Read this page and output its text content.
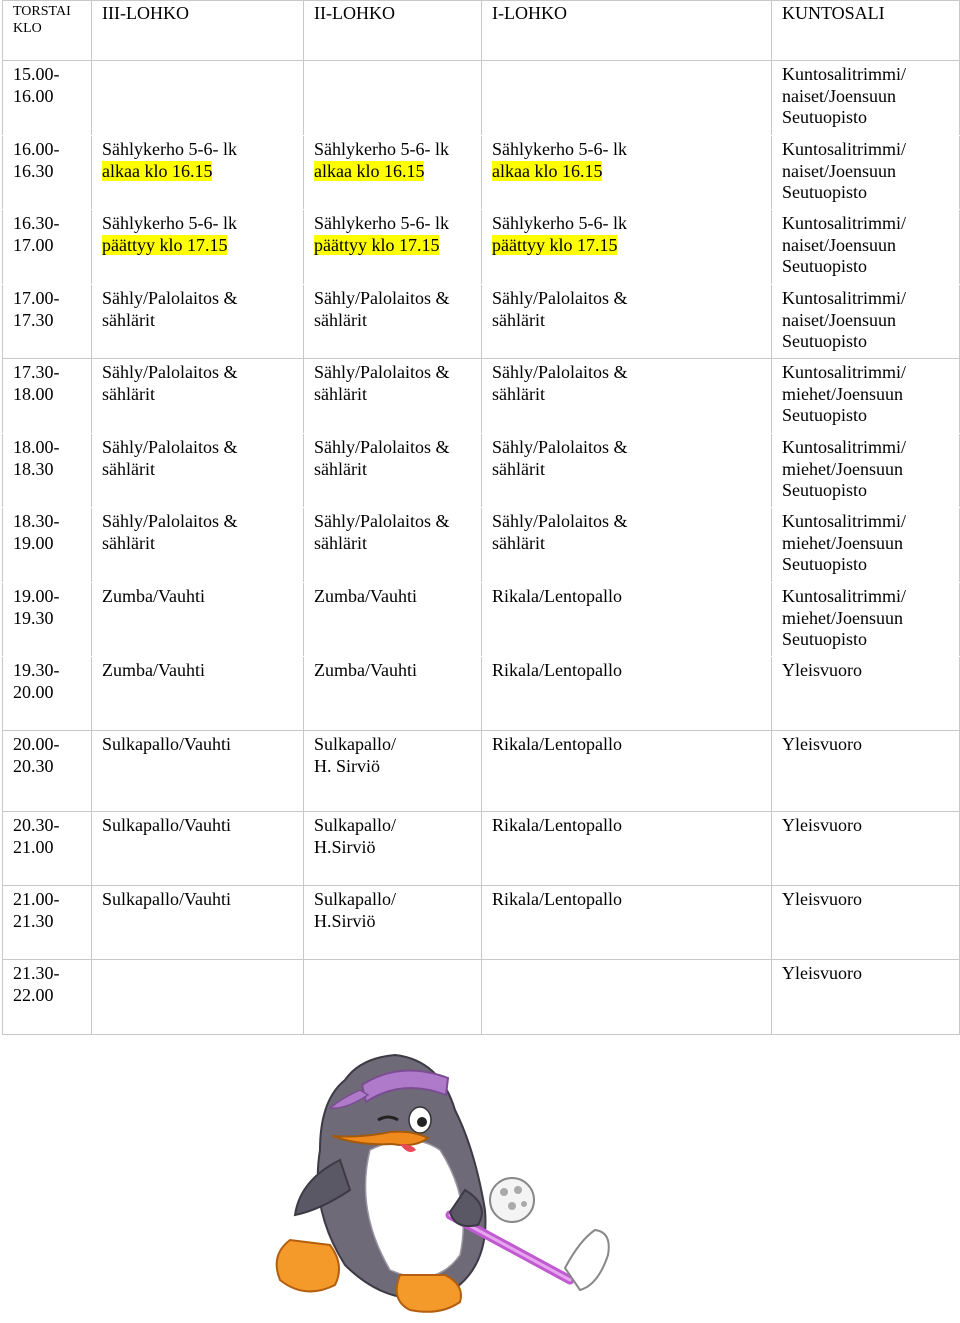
TORSTAI
KLO	III-LOHKO	II-LOHKO	I-LOHKO	KUNTOSALI
15.00-
16.00				Kuntosalitrimmi/
naiset/Joensuun
Seutuopisto
16.00-
16.30	Sählykerho 5-6- lk
alkaa klo 16.15	Sählykerho 5-6- lk
alkaa klo 16.15	Sählykerho 5-6- lk
alkaa klo 16.15	Kuntosalitrimmi/
naiset/Joensuun
Seutuopisto
16.30-
17.00	Sählykerho 5-6- lk
päättyy klo 17.15	Sählykerho 5-6- lk
päättyy klo 17.15	Sählykerho 5-6- lk
päättyy klo 17.15	Kuntosalitrimmi/
naiset/Joensuun
Seutuopisto
17.00-
17.30	Sähly/Palolaitos &
sählärit	Sähly/Palolaitos &
sählärit	Sähly/Palolaitos &
sählärit	Kuntosalitrimmi/
naiset/Joensuun
Seutuopisto
17.30-
18.00	Sähly/Palolaitos &
sählärit	Sähly/Palolaitos &
sählärit	Sähly/Palolaitos &
sählärit	Kuntosalitrimmi/
miehet/Joensuun
Seutuopisto
18.00-
18.30	Sähly/Palolaitos &
sählärit	Sähly/Palolaitos &
sählärit	Sähly/Palolaitos &
sählärit	Kuntosalitrimmi/
miehet/Joensuun
Seutuopisto
18.30-
19.00	Sähly/Palolaitos &
sählärit	Sähly/Palolaitos &
sählärit	Sähly/Palolaitos &
sählärit	Kuntosalitrimmi/
miehet/Joensuun
Seutuopisto
19.00-
19.30	Zumba/Vauhti	Zumba/Vauhti	Rikala/Lentopallo	Kuntosalitrimmi/
miehet/Joensuun
Seutuopisto
19.30-
20.00	Zumba/Vauhti	Zumba/Vauhti	Rikala/Lentopallo	Yleisvuoro

20.00-
20.30	Sulkapallo/Vauhti	Sulkapallo/
H. Sirviö	Rikala/Lentopallo	Yleisvuoro

20.30-
21.00	Sulkapallo/Vauhti	Sulkapallo/
H.Sirviö	Rikala/Lentopallo	Yleisvuoro

21.00-
21.30	Sulkapallo/Vauhti	Sulkapallo/
H.Sirviö	Rikala/Lentopallo	Yleisvuoro

21.30-
22.00				Yleisvuoro
